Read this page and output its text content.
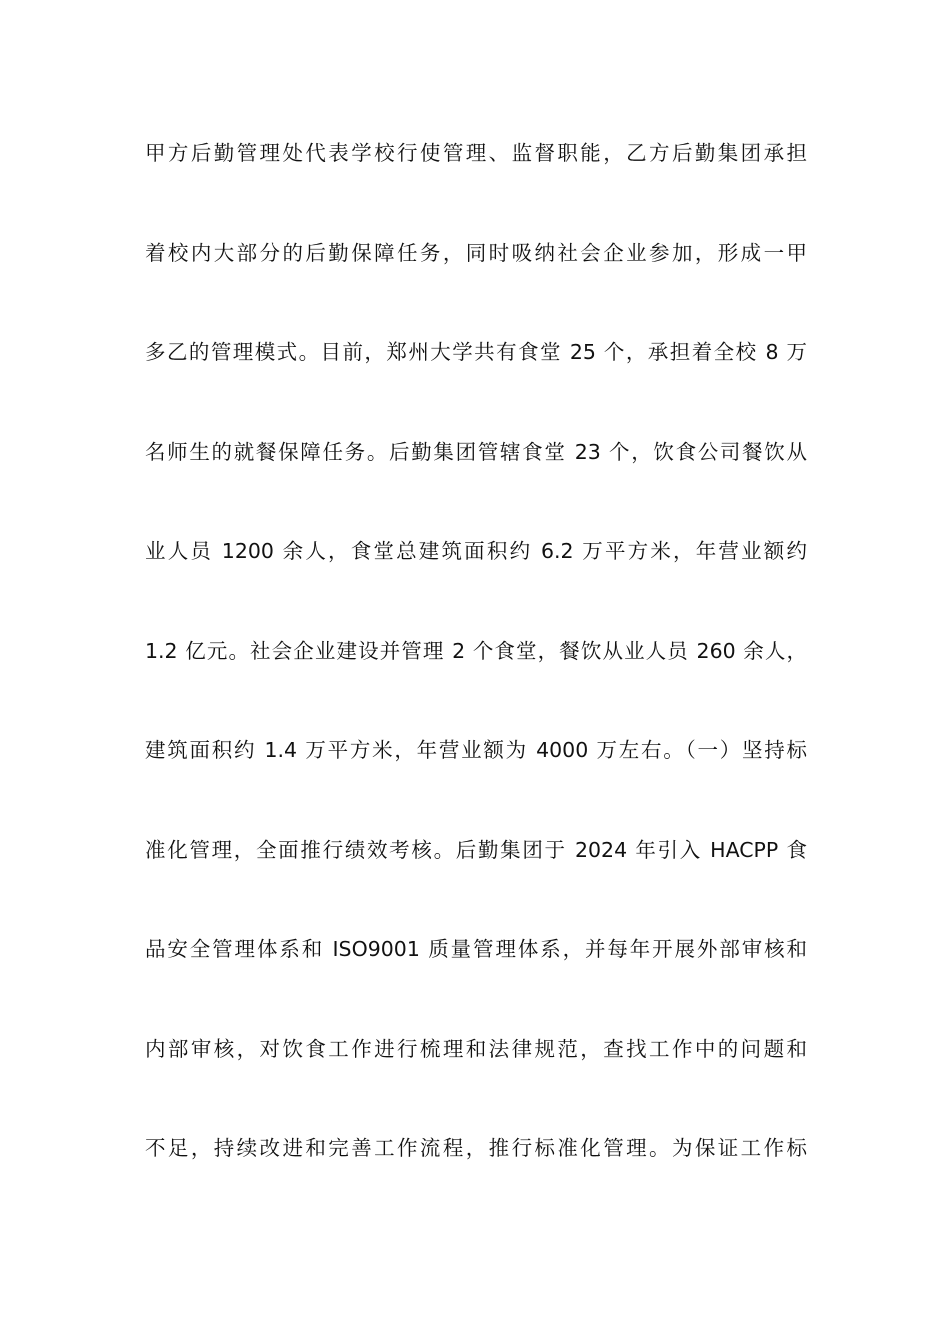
甲方后勤管理处代表学校行使管理、监督职能，乙方后勤集团承担
着校内大部分的后勤保障任务，同时吸纳社会企业参加，形成一甲
多乙的管理模式。目前，郑州大学共有食堂 25 个，承担着全校 8 万
名师生的就餐保障任务。后勤集团管辖食堂 23 个，饮食公司餐饮从
业人员 1200 余人，食堂总建筑面积约 6.2 万平方米，年营业额约
1.2 亿元。社会企业建设并管理 2 个食堂，餐饮从业人员 260 余人，
建筑面积约 1.4 万平方米，年营业额为 4000 万左右。（一）坚持标
准化管理，全面推行绩效考核。后勤集团于 2024 年引入 HACPP 食
品安全管理体系和 ISO9001 质量管理体系，并每年开展外部审核和
内部审核，对饮食工作进行梳理和法律规范，查找工作中的问题和
不足，持续改进和完善工作流程，推行标准化管理。为保证工作标
